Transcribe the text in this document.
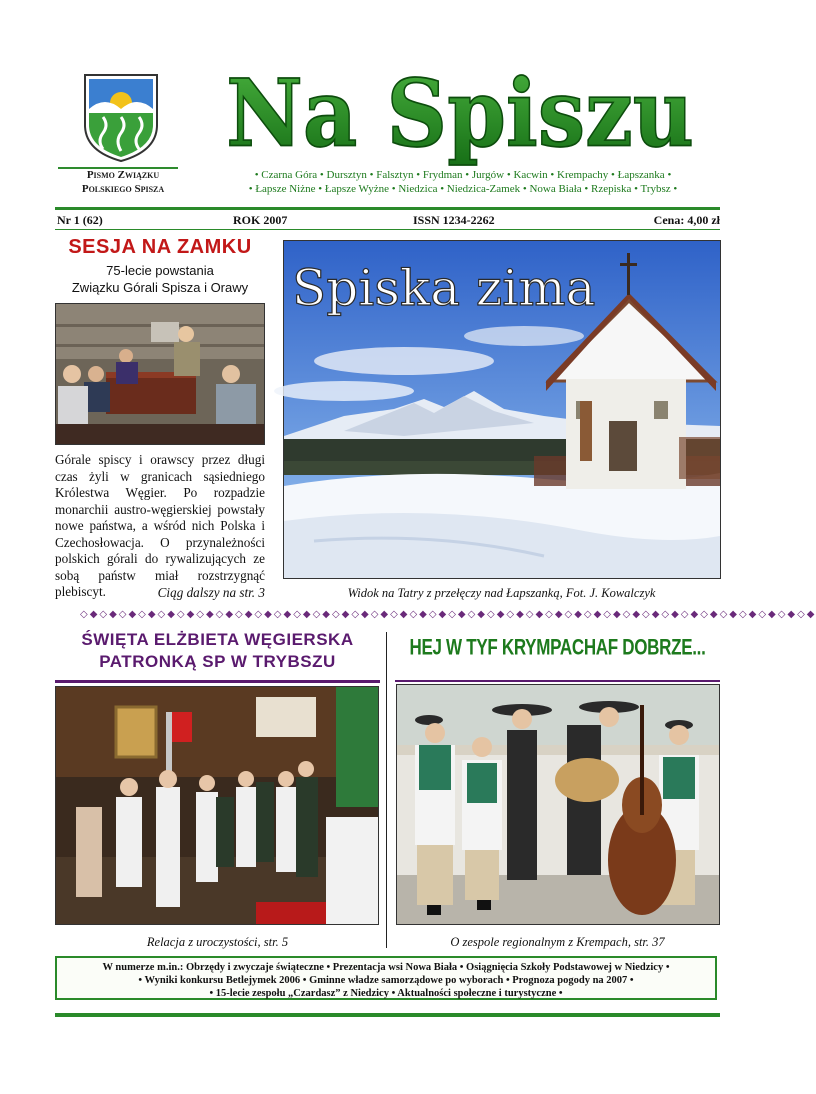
Na Spiszu
Pismo Związku
Polskiego Spisza
• Czarna Góra • Dursztyn • Falsztyn • Frydman • Jurgów • Kacwin • Krempachy • Łapszanka •
• Łapsze Niżne • Łapsze Wyżne • Niedzica • Niedzica-Zamek • Nowa Biała • Rzepiska • Trybsz •
Nr 1 (62)	ROK 2007	ISSN 1234-2262	Cena: 4,00 zł
SESJA NA ZAMKU
75-lecie powstania
Związku Górali Spisza i Orawy
Górale spiscy i orawscy przez długi czas żyli w granicach sąsiedniego Królestwa Węgier. Po rozpadzie monarchii austro-węgierskiej powstały nowe państwa, a wśród nich Polska i Czechosłowacja. O przynależności polskich górali do rywalizujących ze sobą państw miał rozstrzygnąć plebiscyt.	Ciąg dalszy na str. 3
Spiska zima
Widok na Tatry z przełęczy nad Łapszanką, Fot. J. Kowalczyk
◇◆◇◆◇◆◇◆◇◆◇◆◇◆◇◆◇◆◇◆◇◆◇◆◇◆◇◆◇◆◇◆◇◆◇◆◇◆◇◆◇◆◇◆◇◆◇◆◇◆◇◆◇◆◇◆◇◆◇◆◇◆◇◆◇◆◇◆◇◆◇◆◇◆◇◆
ŚWIĘTA ELŻBIETA WĘGIERSKA
PATRONKĄ SP W TRYBSZU
Relacja z uroczystości, str. 5
HEJ W TYF KRYMPACHAF DOBRZE...
O zespole regionalnym z Krempach, str. 37
W numerze m.in.: Obrzędy i zwyczaje świąteczne • Prezentacja wsi Nowa Biała • Osiągnięcia Szkoły Podstawowej w Niedzicy •
• Wyniki konkursu Betlejymek 2006 • Gminne władze samorządowe po wyborach • Prognoza pogody na 2007 •
• 15-lecie zespołu „Czardasz” z Niedzicy • Aktualności społeczne i turystyczne •
